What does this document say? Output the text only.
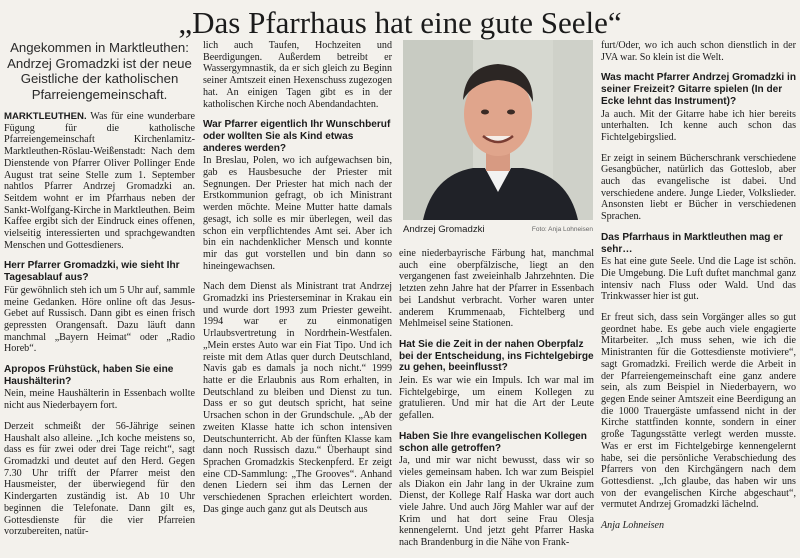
„Das Pfarrhaus hat eine gute Seele“
Angekommen in Marktleuthen: Andrzej Gromadzki ist der neue Geistliche der katholischen Pfarreiengemeinschaft.

MARKTLEUTHEN. Was für eine wunderbare Fügung für die katholische Pfarreiengemeinschaft Kirchenlamitz-Marktleuthen-Röslau-Weißenstadt: Nach dem Dienstende von Pfarrer Oliver Pollinger Ende August trat seine Stelle zum 1. September nahtlos Pfarrer Andrzej Gromadzki an. Seitdem wohnt er im Pfarrhaus neben der Sankt-Wolfgang-Kirche in Marktleuthen. Beim Kaffee ergibt sich der Eindruck eines offenen, vielseitig interessierten und sprachgewandten Menschen und Gottesdieners.

Herr Pfarrer Gromadzki, wie sieht Ihr Tagesablauf aus?

Für gewöhnlich steh ich um 5 Uhr auf, sammle meine Gedanken. Höre online oft das Jesus-Gebet auf Russisch. Dann gibt es einen frisch gepressten Orangensaft. Dazu läuft dann manchmal „Bayern Heimat“ oder „Radio Horeb“.

Apropos Frühstück, haben Sie eine Haushälterin?

Nein, meine Haushälterin in Essenbach wollte nicht aus Niederbayern fort.

Derzeit schmeißt der 56-Jährige seinen Haushalt also alleine. „Ich koche meistens so, dass es für zwei oder drei Tage reicht“, sagt Gromadzki und deutet auf den Herd. Gegen 7.30 Uhr trifft der Pfarrer meist den Hausmeister, der überwiegend für den Kindergarten zuständig ist. Ab 10 Uhr beginnen die Telefonate. Dann gilt es, Gottesdienste für die vier Pfarreien vorzubereiten, natür-

lich auch Taufen, Hochzeiten und Beerdigungen. Außerdem betreibt er Wassergymnastik, da er sich gleich zu Beginn seiner Amtszeit einen Hexenschuss zugezogen hat. An einigen Tagen gibt es in der katholischen Kirche noch Abendandachten.

War Pfarrer eigentlich Ihr Wunschberuf oder wollten Sie als Kind etwas anderes werden?

In Breslau, Polen, wo ich aufgewachsen bin, gab es Hausbesuche der Priester mit Segnungen. Der Priester hat mich nach der Erstkommunion gefragt, ob ich Ministrant werden möchte. Meine Mutter hatte damals gesagt, ich solle es mir überlegen, weil das schon ein verpflichtendes Amt sei. Aber ich bin ein nachdenklicher Mensch und konnte mir das gut vorstellen und bin dann so hineingewachsen.

Nach dem Dienst als Ministrant trat Andrzej Gromadzki ins Priesterseminar in Krakau ein und wurde dort 1993 zum Priester geweiht. 1994 war er zu einmonatigen Urlaubsvertretung in Nordrhein-Westfalen. „Mein erstes Auto war ein Fiat Tipo. Und ich reiste mit dem Atlas quer durch Deutschland, Navis gab es damals ja noch nicht.“ 1999 hatte er die Erlaubnis aus Rom erhalten, in Deutschland zu bleiben und Dienst zu tun. Dass er so gut deutsch spricht, hat seine Ursachen schon in der Grundschule. „Ab der zweiten Klasse hatte ich schon intensiven Deutschunterricht. Ab der fünften Klasse kam dann noch Russisch dazu.“ Überhaupt sind Sprachen Gromadzkis Steckenpferd. Er zeigt eine CD-Sammlung: „The Grooves“. Anhand denen Liedern sei ihm das Lernen der verschiedenen Sprachen erleichtert worden. Das ginge auch ganz gut als Deutsch aus

Andrzej Gromadzki	Foto: Anja Lohneisen

eine niederbayrische Färbung hat, manchmal auch eine oberpfälzische, liegt an den vergangenen fast zweieinhalb Jahrzehnten. Die letzten zehn Jahre hat der Pfarrer in Essenbach bei Landshut verbracht. Vorher waren unter anderem Krummenaab, Fichtelberg und Mehlmeisel seine Stationen.

Hat Sie die Zeit in der nahen Oberpfalz bei der Entscheidung, ins Fichtelgebirge zu gehen, beeinflusst?

Jein. Es war wie ein Impuls. Ich war mal im Fichtelgebirge, um einem Kollegen zu gratulieren. Und mir hat die Art der Leute gefallen.

Haben Sie Ihre evangelischen Kollegen schon alle getroffen?

Ja, und mir war nicht bewusst, dass wir so vieles gemeinsam haben. Ich war zum Beispiel als Diakon ein Jahr lang in der Ukraine zum Dienst, der Kollege Ralf Haska war dort auch viele Jahre. Und auch Jörg Mahler war auf der Krim und hat dort seine Frau Olesja kennengelernt. Und jetzt geht Pfarrer Haska nach Brandenburg in die Nähe von Frank-

furt/Oder, wo ich auch schon dienstlich in der JVA war. So klein ist die Welt.

Was macht Pfarrer Andrzej Gromadzki in seiner Freizeit? Gitarre spielen (In der Ecke lehnt das Instrument)?

Ja auch. Mit der Gitarre habe ich hier bereits unterhalten. Ich kenne auch schon das Fichtelgebirgslied.

Er zeigt in seinem Bücherschrank verschiedene Gesangbücher, natürlich das Gotteslob, aber auch das evangelische ist dabei. Und verschiedene andere. Junge Lieder, Volkslieder. Ansonsten liebt er Bücher in verschiedenen Sprachen.

Das Pfarrhaus in Marktleuthen mag er sehr…

Es hat eine gute Seele. Und die Lage ist schön. Die Umgebung. Die Luft duftet manchmal ganz intensiv nach Fluss oder Wald. Und das Trinkwasser hier ist gut.

Er freut sich, dass sein Vorgänger alles so gut geordnet habe. Es gebe auch viele engagierte Mitarbeiter. „Ich muss sehen, wie ich die Ministranten für die Gottesdienste motiviere“, sagt Gromadzki. Freilich werde die Arbeit in der Pfarreiengemeinschaft eine ganz andere sein, als zum Beispiel in Niederbayern, wo gegen Ende seiner Amtszeit eine Beerdigung an die 1000 Trauergäste umfassend nicht in der Kirche stattfinden konnte, sondern in einer große Tagungsstätte verlegt werden musste. Was er erst im Fichtelgebirge kennengelernt habe, sei die persönliche Verabschiedung des Pfarrers von den Kirchgängern nach dem Gottesdienst. „Ich glaube, das haben wir uns von der evangelischen Kirche abgeschaut“, vermutet Andrzej Gromadzki lächelnd.

Anja Lohneisen
